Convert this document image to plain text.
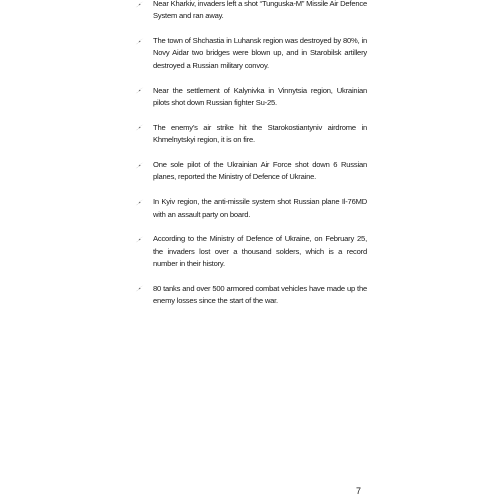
Near Kharkiv, invaders left a shot “Tunguska-M” Missile Air Defence System and ran away.
The town of Shchastia in Luhansk region was destroyed by 80%, in Novy Aidar two bridges were blown up, and in Starobilsk artillery destroyed a Russian military convoy.
Near the settlement of Kalynivka in Vinnytsia region, Ukrainian pilots shot down Russian fighter Su-25.
The enemy’s air strike hit the Starokostiantyniv airdrome in Khmelnytskyi region, it is on fire.
One sole pilot of the Ukrainian Air Force shot down 6 Russian planes, reported the Ministry of Defence of Ukraine.
In Kyiv region, the anti-missile system shot Russian plane Il-76MD with an assault party on board.
According to the Ministry of Defence of Ukraine, on February 25, the invaders lost over a thousand solders, which is a record number in their history.
80 tanks and over 500 armored combat vehicles have made up the enemy losses since the start of the war.
7
